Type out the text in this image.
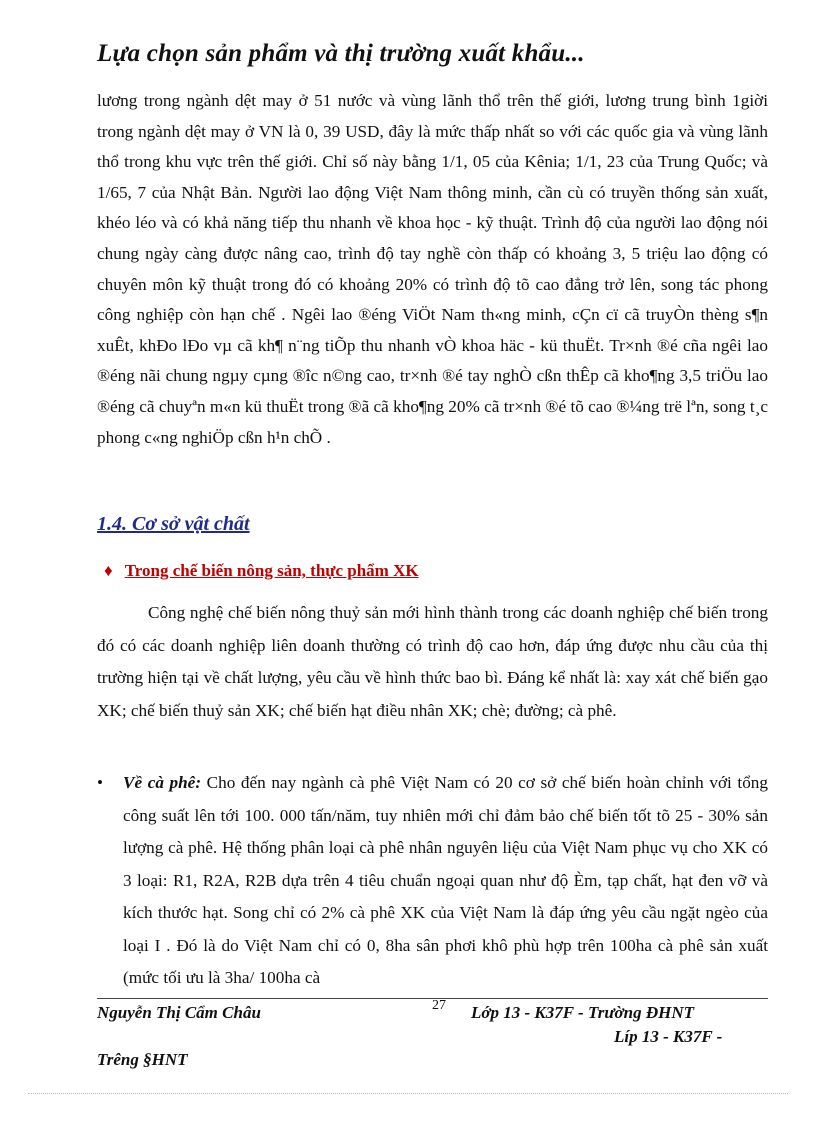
Lựa chọn sản phẩm và thị trường xuất khẩu...

lương trong ngành dệt may ở 51 nước và vùng lãnh thổ trên thế giới, lương trung bình 1giời trong ngành dệt may ở VN là 0, 39 USD, đây là mức thấp nhất so với các quốc gia và vùng lãnh thổ trong khu vực trên thế giới. Chỉ số này bằng 1/1, 05 của Kênia; 1/1, 23 của Trung Quốc; và 1/65, 7 của Nhật Bản. Người lao động Việt Nam thông minh, cần cù có truyền thống sản xuất, khéo léo và có khả năng tiếp thu nhanh về khoa học - kỹ thuật. Trình độ của người lao động nói chung ngày càng được nâng cao, trình độ tay nghề còn thấp có khoảng 3, 5 triệu lao động có chuyên môn kỹ thuật trong đó có khoảng 20% có trình độ tõ cao đẳng trở lên, song tác phong công nghiệp còn hạn chế . Ngêi lao ®éng ViÖt Nam th«ng minh, cÇn cï cã truyÒn thèng s¶n xuÊt, khÐo lÐo vµ cã kh¶ n¨ng tiÕp thu nhanh vÒ khoa häc - kü thuËt. Tr×nh ®é cña ngêi lao ®éng nãi chung ngµy cµng ®îc n©ng cao, tr×nh ®é tay nghÒ cßn thÊp cã kho¶ng 3,5 triÖu lao ®éng cã chuyªn m«n kü thuËt trong ®ã cã kho¶ng 20% cã tr×nh ®é tõ cao ®¼ng trë lªn, song t¸c phong c«ng nghiÖp cßn h¹n chÕ .

1.4. Cơ sở vật chất
♦ Trong chế biến nông sản, thực phẩm XK

Công nghệ chế biến nông thuỷ sản mới hình thành trong các doanh nghiệp chế biến trong đó có các doanh nghiệp liên doanh thường có trình độ cao hơn, đáp ứng được nhu cầu của thị trường hiện tại về chất lượng, yêu cầu về hình thức bao bì. Đáng kể nhất là: xay xát chế biến gạo XK; chế biến thuỷ sản XK; chế biến hạt điều nhân XK; chè; đường; cà phê.

• Về cà phê: Cho đến nay ngành cà phê Việt Nam có 20 cơ sở chế biến hoàn chỉnh với tổng công suất lên tới 100. 000 tấn/năm, tuy nhiên mới chỉ đảm bảo chế biến tốt tõ 25 - 30% sản lượng cà phê. Hệ thống phân loại cà phê nhân nguyên liệu của Việt Nam phục vụ cho XK có 3 loại: R1, R2A, R2B dựa trên 4 tiêu chuẩn ngoại quan như độ Èm, tạp chất, hạt đen vỡ và kích thước hạt. Song chỉ có 2% cà phê XK của Việt Nam là đáp ứng yêu cầu ngặt ngèo của loại I . Đó là do Việt Nam chỉ có 0, 8ha sân phơi khô phù hợp trên 100ha cà phê sản xuất (mức tối ưu là 3ha/ 100ha cà

Nguyễn Thị Cẩm Châu	27 Lớp 13 - K37F - Trường ĐHNT
Líp 13 - K37F -
Trêng §HNT
